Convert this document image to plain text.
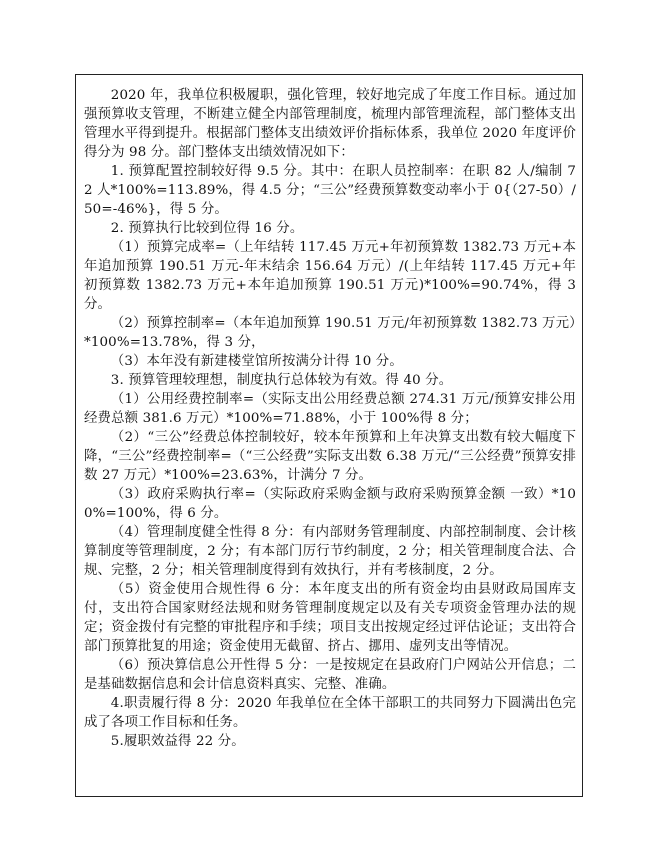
2020 年，我单位积极履职，强化管理，较好地完成了年度工作目标。通过加强预算收支管理，不断建立健全内部管理制度，梳理内部管理流程，部门整体支出管理水平得到提升。根据部门整体支出绩效评价指标体系，我单位 2020 年度评价得分为 98 分。部门整体支出绩效情况如下：

1. 预算配置控制较好得 9.5 分。其中：在职人员控制率：在职 82 人/编制 72 人*100%=113.89%，得 4.5 分；“三公”经费预算数变动率小于 0{（27-50）/50=-46%}，得 5 分。

2. 预算执行比较到位得 16 分。

（1）预算完成率=（上年结转 117.45 万元+年初预算数 1382.73 万元+本年追加预算 190.51 万元-年末结余 156.64 万元）/(上年结转 117.45 万元+年初预算数 1382.73 万元+本年追加预算 190.51 万元)*100%=90.74%，得 3 分。

（2）预算控制率=（本年追加预算 190.51 万元/年初预算数 1382.73 万元）*100%=13.78%，得 3 分，

（3）本年没有新建楼堂馆所按满分计得 10 分。

3. 预算管理较理想，制度执行总体较为有效。得 40 分。

（1）公用经费控制率=（实际支出公用经费总额 274.31 万元/预算安排公用经费总额 381.6 万元）*100%=71.88%，小于 100%得 8 分；

（2）“三公”经费总体控制较好，较本年预算和上年决算支出数有较大幅度下降，“三公”经费控制率=（“三公经费”实际支出数 6.38 万元/“三公经费”预算安排数 27 万元）*100%=23.63%，计满分 7 分。

（3）政府采购执行率=（实际政府采购金额与政府采购预算金额 一致）*100%=100%，得 6 分。

（4）管理制度健全性得 8 分：有内部财务管理制度、内部控制制度、会计核算制度等管理制度，2 分；有本部门厉行节约制度，2 分；相关管理制度合法、合规、完整，2 分；相关管理制度得到有效执行，并有考核制度，2 分。

（5）资金使用合规性得 6 分：本年度支出的所有资金均由县财政局国库支付，支出符合国家财经法规和财务管理制度规定以及有关专项资金管理办法的规定；资金拨付有完整的审批程序和手续；项目支出按规定经过评估论证；支出符合部门预算批复的用途；资金使用无截留、挤占、挪用、虚列支出等情况。

（6）预决算信息公开性得 5 分：一是按规定在县政府门户网站公开信息；二是基础数据信息和会计信息资料真实、完整、准确。

4.职责履行得 8 分：2020 年我单位在全体干部职工的共同努力下圆满出色完成了各项工作目标和任务。

5.履职效益得 22 分。
